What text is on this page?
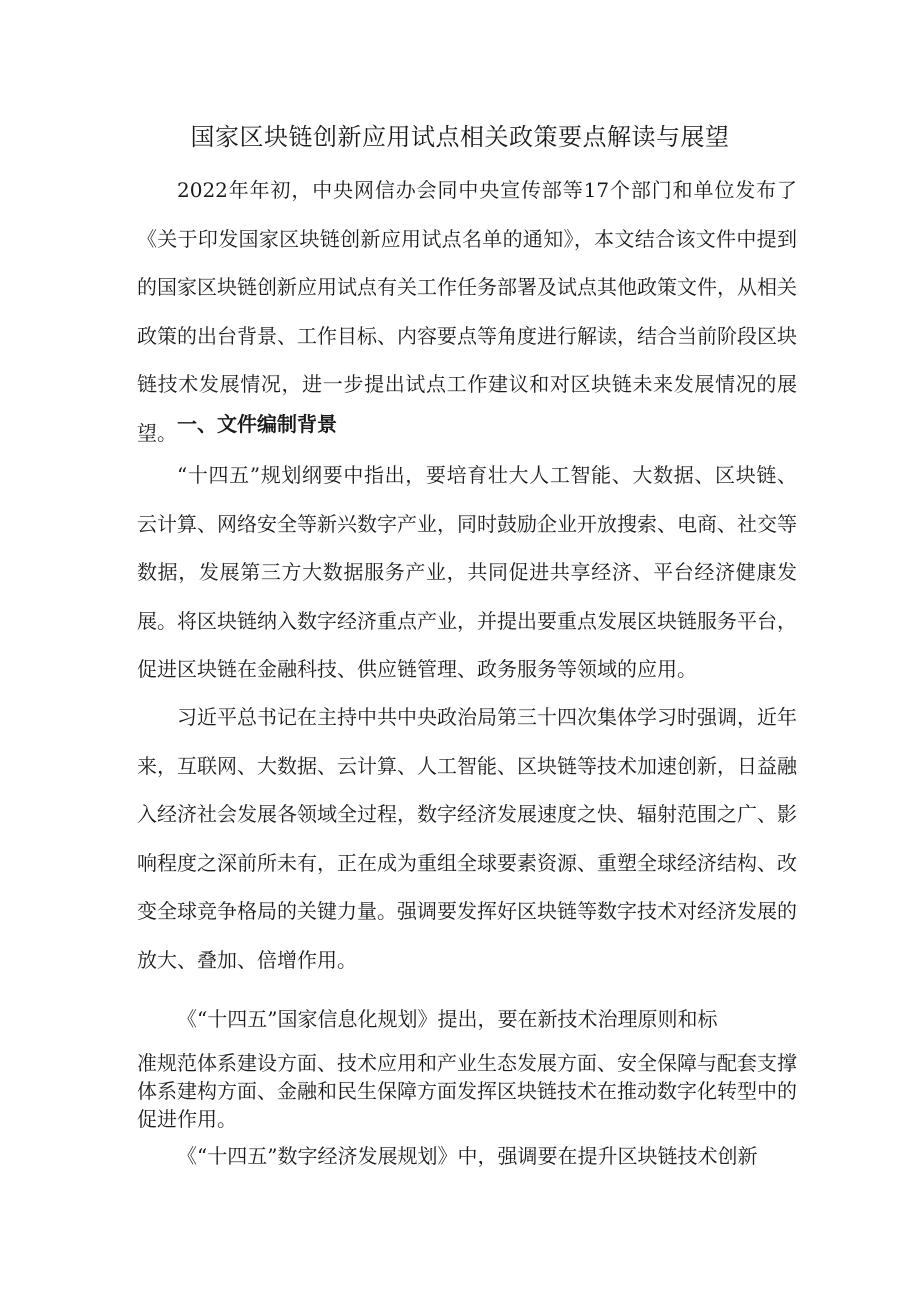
国家区块链创新应用试点相关政策要点解读与展望

2022年年初，中央网信办会同中央宣传部等17个部门和单位发布了《关于印发国家区块链创新应用试点名单的通知》，本文结合该文件中提到的国家区块链创新应用试点有关工作任务部署及试点其他政策文件，从相关政策的出台背景、工作目标、内容要点等角度进行解读，结合当前阶段区块链技术发展情况，进一步提出试点工作建议和对区块链未来发展情况的展望。 一、文件编制背景

“十四五”规划纲要中指出，要培育壮大人工智能、大数据、区块链、云计算、网络安全等新兴数字产业，同时鼓励企业开放搜索、电商、社交等数据，发展第三方大数据服务产业，共同促进共享经济、平台经济健康发展。将区块链纳入数字经济重点产业，并提出要重点发展区块链服务平台，促进区块链在金融科技、供应链管理、政务服务等领域的应用。

习近平总书记在主持中共中央政治局第三十四次集体学习时强调，近年来，互联网、大数据、云计算、人工智能、区块链等技术加速创新，日益融入经济社会发展各领域全过程，数字经济发展速度之快、辐射范围之广、影响程度之深前所未有，正在成为重组全球要素资源、重塑全球经济结构、改变全球竞争格局的关键力量。强调要发挥好区块链等数字技术对经济发展的放大、叠加、倍增作用。

《“十四五”国家信息化规划》提出，要在新技术治理原则和标

准规范体系建设方面、技术应用和产业生态发展方面、安全保障与配套支撑体系建构方面、金融和民生保障方面发挥区块链技术在推动数字化转型中的促进作用。

《“十四五”数字经济发展规划》中，强调要在提升区块链技术创新
